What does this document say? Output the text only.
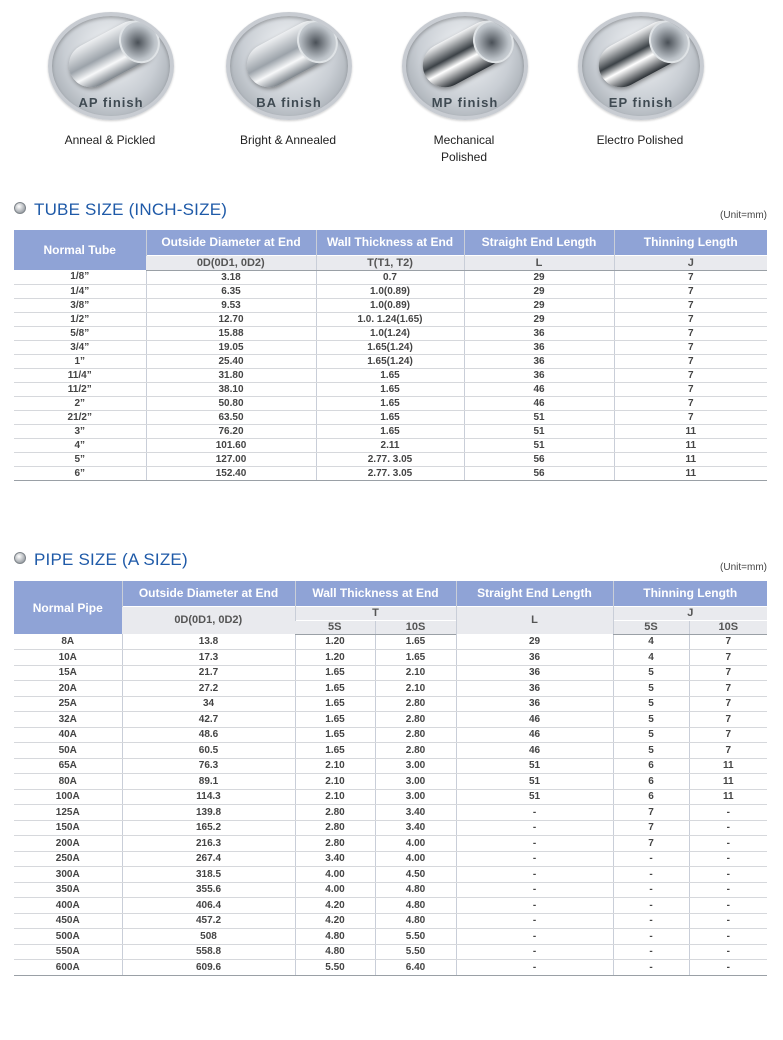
AP finish
Anneal & Pickled
BA finish
Bright & Annealed
MP finish
Mechanical
Polished
EP finish
Electro Polished
TUBE SIZE (INCH-SIZE)	(Unit=mm)
Normal Tube	Outside Diameter at End	Wall Thickness at End	Straight End Length	Thinning Length
	0D(0D1, 0D2)	T(T1, T2)	L	J
1/8”	3.18	0.7	29	7
1/4”	6.35	1.0(0.89)	29	7
3/8”	9.53	1.0(0.89)	29	7
1/2”	12.70	1.0. 1.24(1.65)	29	7
5/8”	15.88	1.0(1.24)	36	7
3/4”	19.05	1.65(1.24)	36	7
1”	25.40	1.65(1.24)	36	7
11/4”	31.80	1.65	36	7
11/2”	38.10	1.65	46	7
2”	50.80	1.65	46	7
21/2”	63.50	1.65	51	7
3”	76.20	1.65	51	11
4”	101.60	2.11	51	11
5”	127.00	2.77. 3.05	56	11
6”	152.40	2.77. 3.05	56	11
PIPE SIZE (A SIZE)	(Unit=mm)
Normal Pipe	Outside Diameter at End	Wall Thickness at End		Straight End Length	Thinning Length	
	0D(0D1, 0D2)	T		L	J	
		5S	10S		5S	10S
8A	13.8	1.20	1.65	29	4	7
10A	17.3	1.20	1.65	36	4	7
15A	21.7	1.65	2.10	36	5	7
20A	27.2	1.65	2.10	36	5	7
25A	34	1.65	2.80	36	5	7
32A	42.7	1.65	2.80	46	5	7
40A	48.6	1.65	2.80	46	5	7
50A	60.5	1.65	2.80	46	5	7
65A	76.3	2.10	3.00	51	6	11
80A	89.1	2.10	3.00	51	6	11
100A	114.3	2.10	3.00	51	6	11
125A	139.8	2.80	3.40	-	7	-
150A	165.2	2.80	3.40	-	7	-
200A	216.3	2.80	4.00	-	7	-
250A	267.4	3.40	4.00	-	-	-
300A	318.5	4.00	4.50	-	-	-
350A	355.6	4.00	4.80	-	-	-
400A	406.4	4.20	4.80	-	-	-
450A	457.2	4.20	4.80	-	-	-
500A	508	4.80	5.50	-	-	-
550A	558.8	4.80	5.50	-	-	-
600A	609.6	5.50	6.40	-	-	-
